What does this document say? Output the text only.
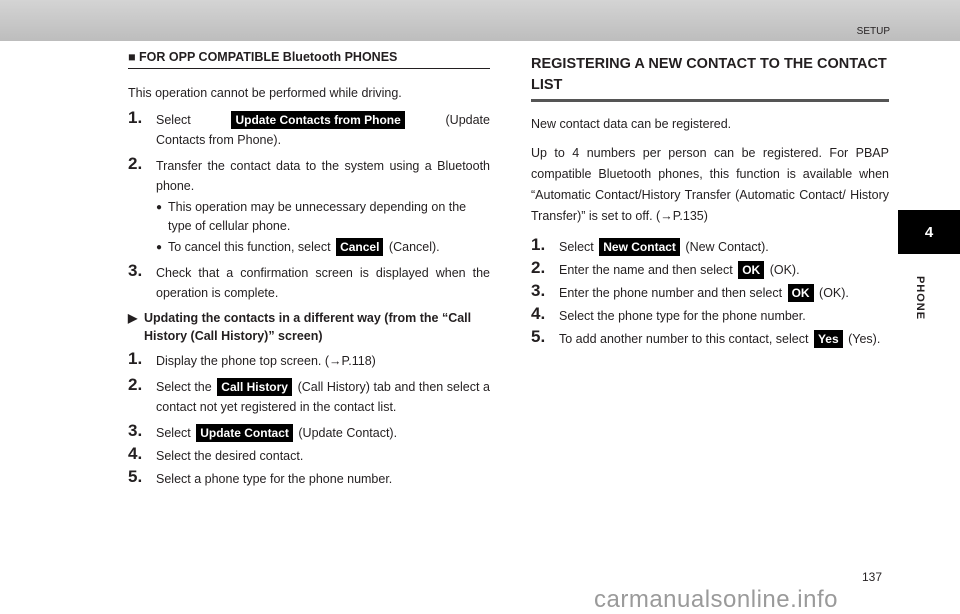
SETUP
4
PHONE
■ FOR OPP COMPATIBLE Bluetooth PHONES

This operation cannot be performed while driving.

1. Select	Update Contacts from Phone	(Update
Contacts from Phone).
2. Transfer the contact data to the system using a Bluetooth phone.
● This operation may be unnecessary depending on the type of cellular phone.
● To cancel this function, select Cancel (Cancel).
3. Check that a confirmation screen is displayed when the operation is complete.
▶ Updating the contacts in a different way (from the “Call History (Call History)” screen)
1. Display the phone top screen. (→P.118)
2. Select the Call History (Call History) tab and then select a contact not yet registered in the contact list.
3. Select Update Contact (Update Contact).
4. Select the desired contact.
5. Select a phone type for the phone number.
REGISTERING A NEW CONTACT TO THE CONTACT LIST

New contact data can be registered.

Up to 4 numbers per person can be registered. For PBAP compatible Bluetooth phones, this function is available when “Automatic Contact/History Transfer (Automatic Contact/ History Transfer)” is set to off. (→P.135)

1. Select New Contact (New Contact).
2. Enter the name and then select OK (OK).
3. Enter the phone number and then select OK (OK).
4. Select the phone type for the phone number.
5. To add another number to this contact, select Yes (Yes).
137
carmanualsonline.info
